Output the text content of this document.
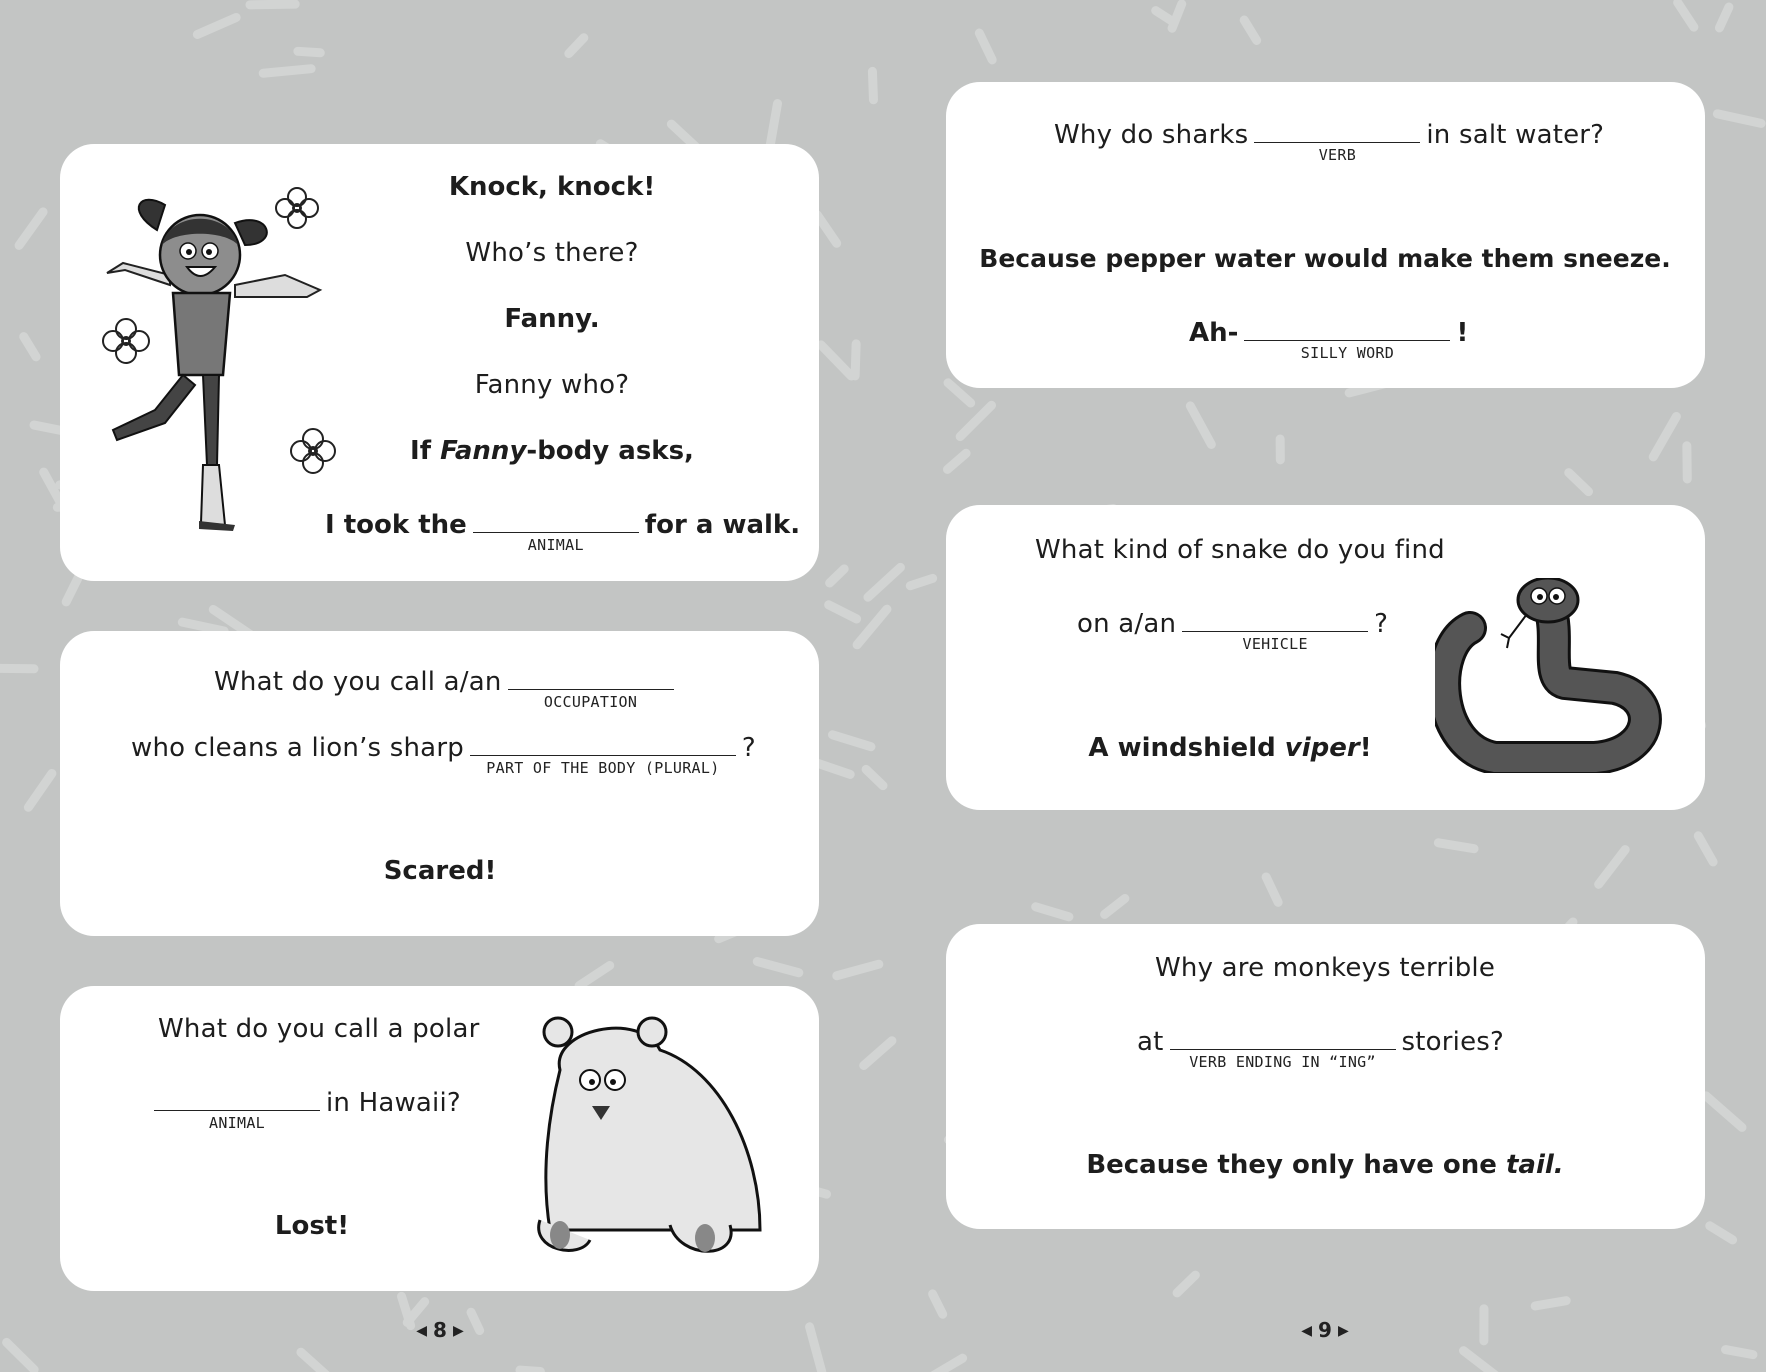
Knock, knock!
Who’s there?
Fanny.
Fanny who?
If Fanny-body asks,
I took the
ANIMAL
for a walk.
What do you call a/an
OCCUPATION
who cleans a lion’s sharp
PART OF THE BODY (PLURAL)
?
Scared!
What do you call a polar
ANIMAL
in Hawaii?
Lost!
◀ 8 ▶
Why do sharks
VERB
in salt water?
Because pepper water would make them sneeze.
Ah-
SILLY WORD
!
What kind of snake do you find
on a/an
VEHICLE
?
A windshield viper!
Why are monkeys terrible
at
VERB ENDING IN “ING”
stories?
Because they only have one tail.
◀ 9 ▶
